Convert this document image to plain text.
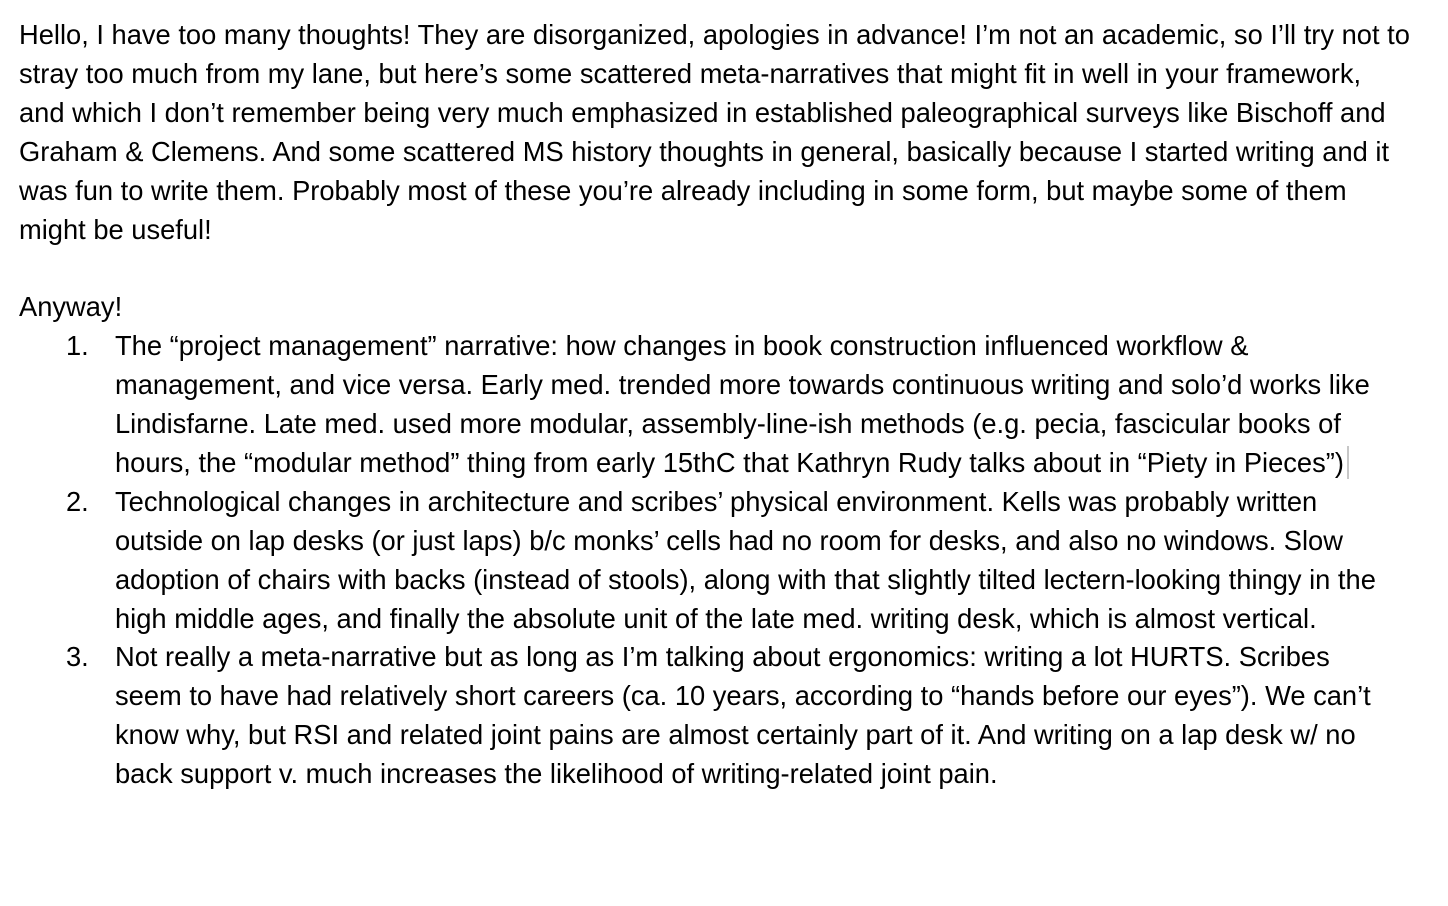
Hello, I have too many thoughts! They are disorganized, apologies in advance! I’m not an academic, so I’ll try not to stray too much from my lane, but here’s some scattered meta-narratives that might fit in well in your framework, and which I don’t remember being very much emphasized in established paleographical surveys like Bischoff and Graham & Clemens. And some scattered MS history thoughts in general, basically because I started writing and it was fun to write them. Probably most of these you’re already including in some form, but maybe some of them might be useful!

Anyway!

1. The “project management” narrative: how changes in book construction influenced workflow & management, and vice versa. Early med. trended more towards continuous writing and solo’d works like Lindisfarne. Late med. used more modular, assembly-line-ish methods (e.g. pecia, fascicular books of hours, the “modular method” thing from early 15thC that Kathryn Rudy talks about in “Piety in Pieces”)
2. Technological changes in architecture and scribes’ physical environment. Kells was probably written outside on lap desks (or just laps) b/c monks’ cells had no room for desks, and also no windows. Slow adoption of chairs with backs (instead of stools), along with that slightly tilted lectern-looking thingy in the high middle ages, and finally the absolute unit of the late med. writing desk, which is almost vertical.
3. Not really a meta-narrative but as long as I’m talking about ergonomics: writing a lot HURTS. Scribes seem to have had relatively short careers (ca. 10 years, according to “hands before our eyes”). We can’t know why, but RSI and related joint pains are almost certainly part of it. And writing on a lap desk w/ no back support v. much increases the likelihood of writing-related joint pain.
